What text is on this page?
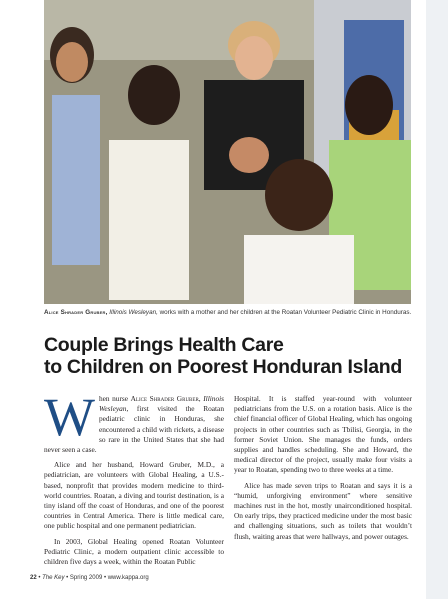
Alice Shrader Gruber, Illinois Wesleyan, works with a mother and her children at the Roatan Volunteer Pediatric Clinic in Honduras.
Couple Brings Health Care
to Children on Poorest Honduran Island

When nurse Alice Shrader Gruber, Illinois Wesleyan, first visited the Roatan pediatric clinic in Honduras, she encountered a child with rickets, a disease so rare in the United States that she had never seen a case.

Alice and her husband, Howard Gruber, M.D., a pediatrician, are volunteers with Global Healing, a U.S.-based, nonprofit that provides modern medicine to third-world countries. Roatan, a diving and tourist destination, is a tiny island off the coast of Honduras, and one of the poorest countries in Central America. There is little medical care, one public hospital and one permanent pediatrician.

In 2003, Global Healing opened Roatan Volunteer Pediatric Clinic, a modern outpatient clinic accessible to children five days a week, within the Roatan Public

Hospital. It is staffed year-round with volunteer pediatricians from the U.S. on a rotation basis. Alice is the chief financial officer of Global Healing, which has ongoing projects in other countries such as Tbilisi, Georgia, in the former Soviet Union. She manages the funds, orders supplies and handles scheduling. She and Howard, the medical director of the project, usually make four visits a year to Roatan, spending two to three weeks at a time.

Alice has made seven trips to Roatan and says it is a “humid, unforgiving environment” where sensitive machines rust in the hot, mostly unairconditioned hospital. On early trips, they practiced medicine under the most basic and challenging situations, such as toilets that wouldn’t flush, waiting areas that were hallways, and power outages.

22 • The Key • Spring 2009 • www.kappa.org
